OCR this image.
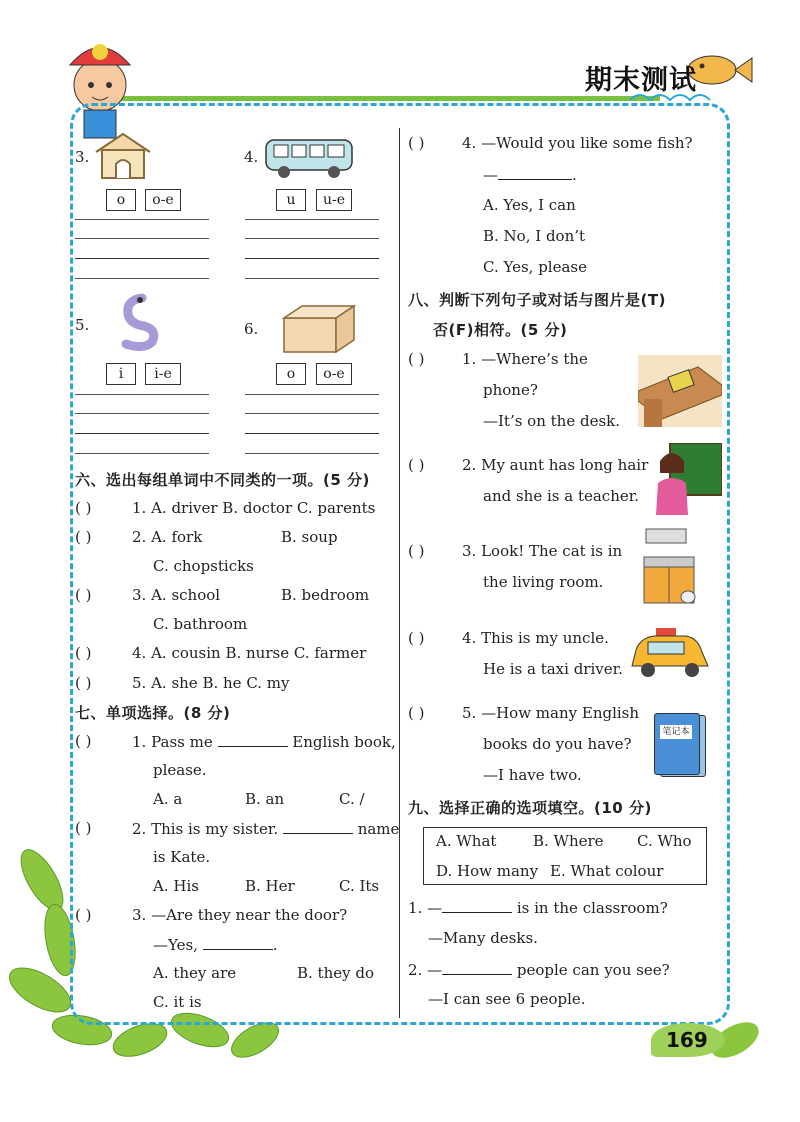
期末测试
3.
o	o-e
4.
u	u-e
5.
i	i-e
6.
o	o-e
六、选出每组单词中不同类的一项。(5 分)
( )	1. A. driver B. doctor C. parents
( )	2. A. fork	B. soup
C. chopsticks
( )	3. A. school	B. bedroom
C. bathroom
( )	4. A. cousin B. nurse C. farmer
( )	5. A. she B. he C. my
七、单项选择。(8 分)
( )	1. Pass me	English book,
please.
A. a	B. an	C. /
( )	2. This is my sister.	name
is Kate.
A. His	B. Her	C. Its
( )	3. —Are they near the door?
—Yes,	.
A. they are	B. they do
C. it is
( )	4. —Would you like some fish?
—	.
A. Yes, I can
B. No, I don’t
C. Yes, please
八、判断下列句子或对话与图片是(T)
否(F)相符。(5 分)
( )	1. —Where’s the
phone?
—It’s on the desk.
( )	2. My aunt has long hair
and she is a teacher.
( )	3. Look! The cat is in
the living room.
( )	4. This is my uncle.
He is a taxi driver.
( )	5. —How many English
books do you have?
—I have two.
笔记本
九、选择正确的选项填空。(10 分)
A. What B. Where C. Who
D. How many E. What colour
1. —	is in the classroom?
—Many desks.
2. —	people can you see?
—I can see 6 people.
169
